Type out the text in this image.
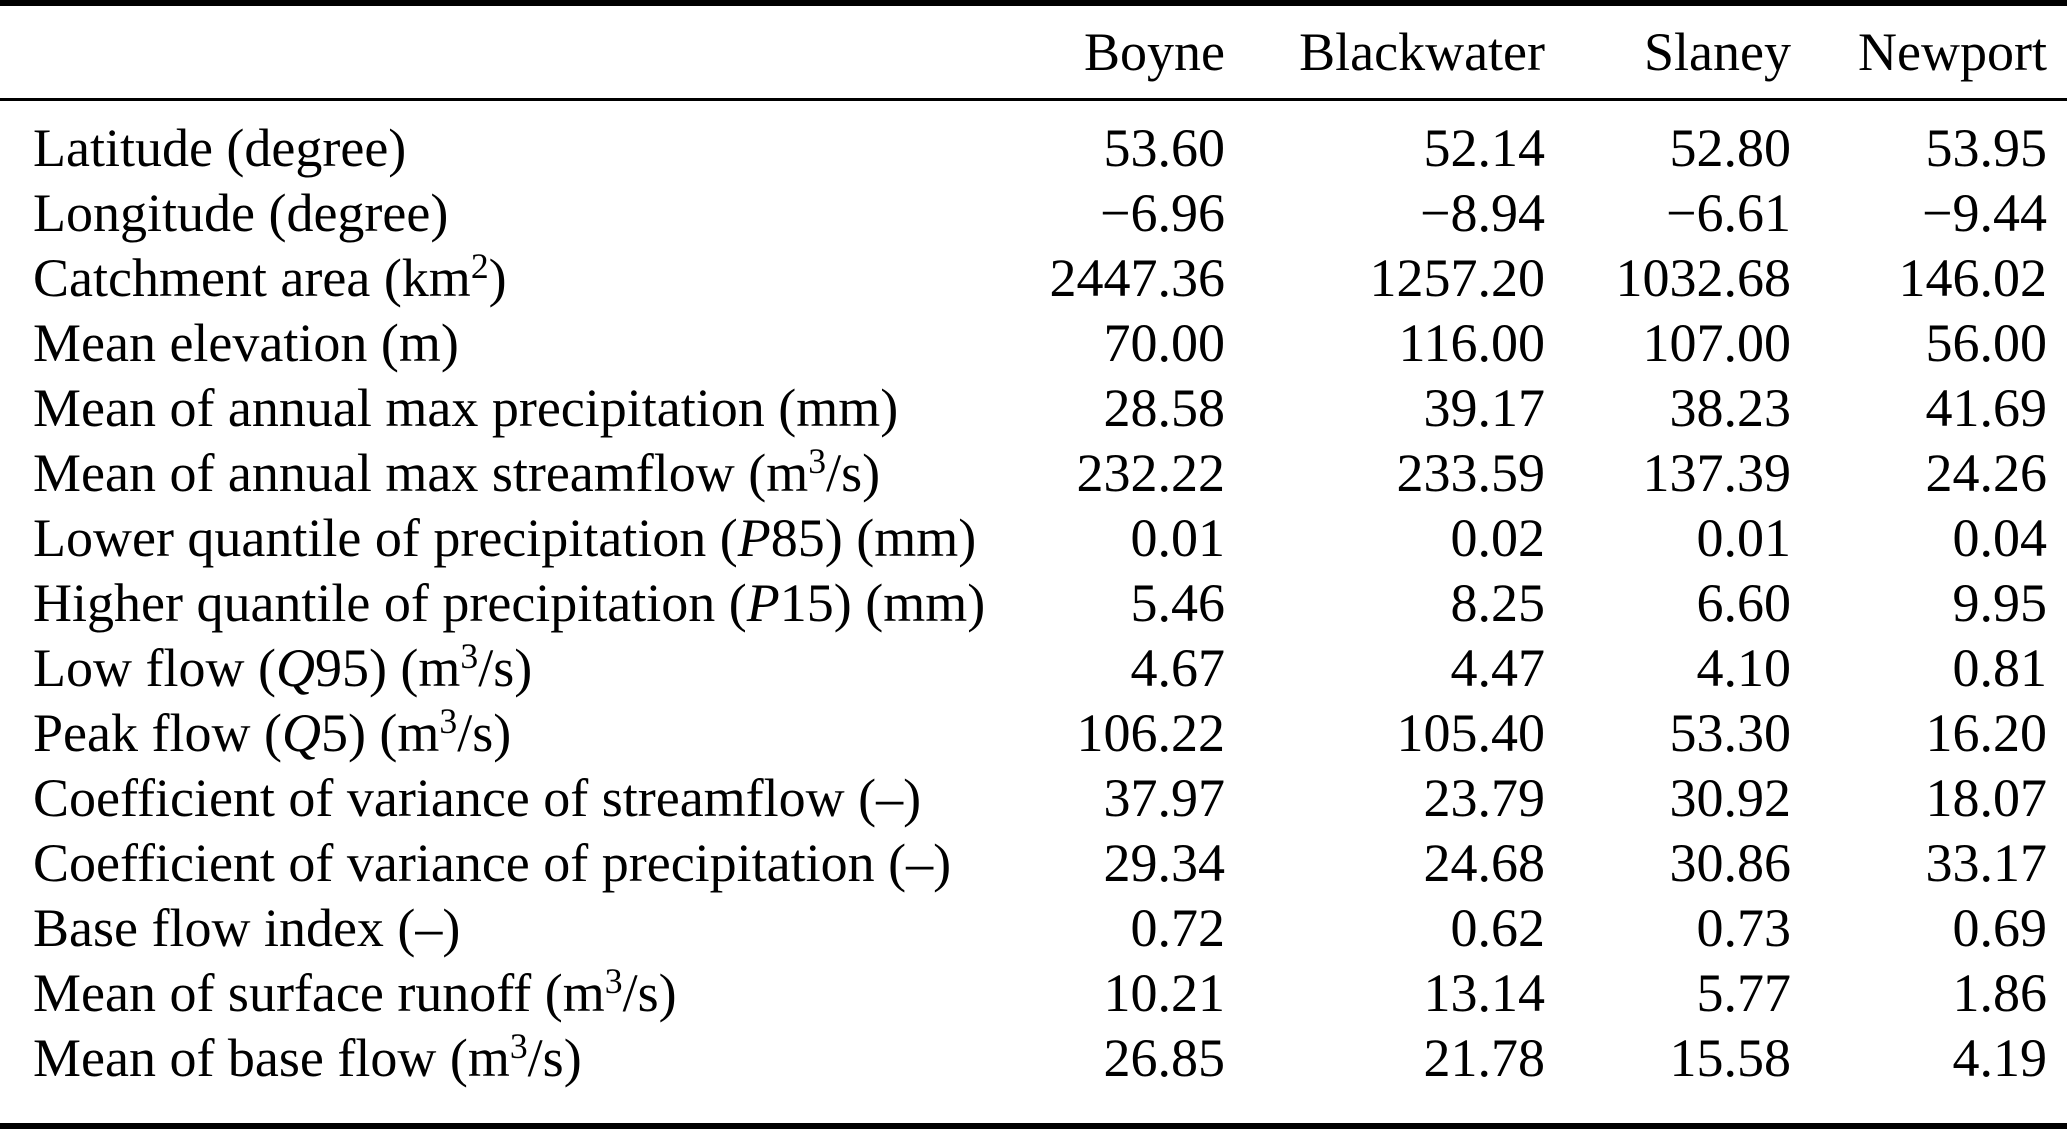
	Boyne	Blackwater	Slaney	Newport
Latitude (degree)	53.60	52.14	52.80	53.95
Longitude (degree)	−6.96	−8.94	−6.61	−9.44
Catchment area $(km^2)$	2447.36	1257.20	1032.68	146.02
Mean elevation (m)	70.00	116.00	107.00	56.00
Mean of annual max precipitation (mm)	28.58	39.17	38.23	41.69
Mean of annual max streamflow $(m^3/s)$	232.22	233.59	137.39	24.26
Lower quantile of precipitation (P85) (mm)	0.01	0.02	0.01	0.04
Higher quantile of precipitation (P15) (mm)	5.46	8.25	6.60	9.95
Low flow (Q95) $(m^3/s)$	4.67	4.47	4.10	0.81
Peak flow (Q5) $(m^3/s)$	106.22	105.40	53.30	16.20
Coefficient of variance of streamflow (–)	37.97	23.79	30.92	18.07
Coefficient of variance of precipitation (–)	29.34	24.68	30.86	33.17
Base flow index (–)	0.72	0.62	0.73	0.69
Mean of surface runoff $(m^3/s)$	10.21	13.14	5.77	1.86
Mean of base flow $(m^3/s)$	26.85	21.78	15.58	4.19
